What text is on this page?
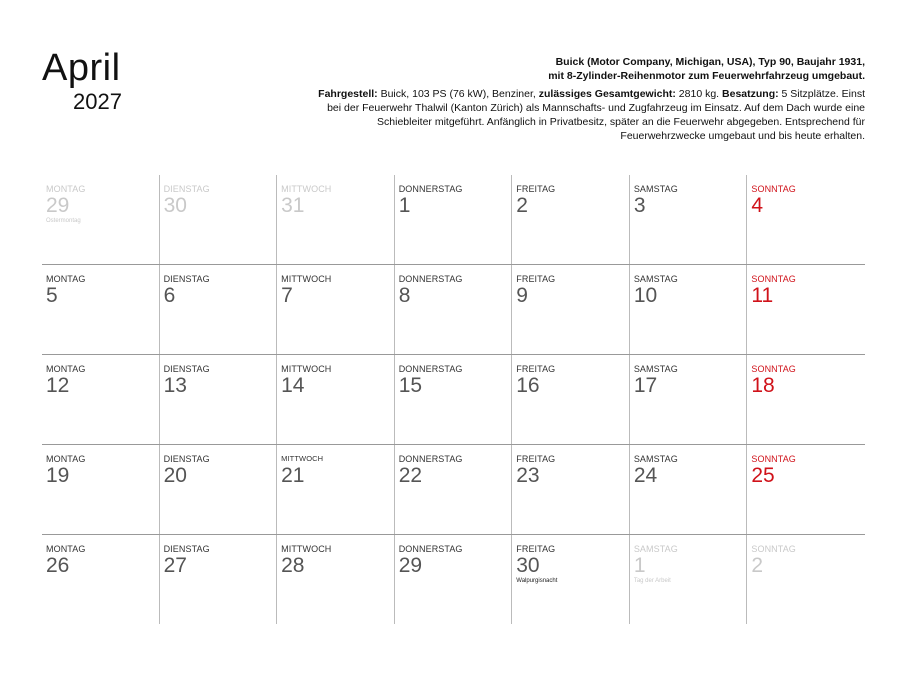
April
2027
Buick (Motor Company, Michigan, USA), Typ 90, Baujahr 1931,
mit 8-Zylinder-Reihenmotor zum Feuerwehrfahrzeug umgebaut.
Fahrgestell: Buick, 103 PS (76 kW), Benziner, zulässiges Gesamtgewicht: 2810 kg. Besatzung: 5 Sitzplätze. Einst bei der Feuerwehr Thalwil (Kanton Zürich) als Mannschafts- und Zugfahrzeug im Einsatz. Auf dem Dach wurde eine Schiebleiter mitgeführt. Anfänglich in Privatbesitz, später an die Feuerwehr abgegeben. Entsprechend für Feuerwehrzwecke umgebaut und bis heute erhalten.
MONTAG
29
Ostermontag
DIENSTAG
30
MITTWOCH
31
DONNERSTAG
1
FREITAG
2
SAMSTAG
3
SONNTAG
4
MONTAG
5
DIENSTAG
6
MITTWOCH
7
DONNERSTAG
8
FREITAG
9
SAMSTAG
10
SONNTAG
11
MONTAG
12
DIENSTAG
13
MITTWOCH
14
DONNERSTAG
15
FREITAG
16
SAMSTAG
17
SONNTAG
18
MONTAG
19
DIENSTAG
20
MITTWOCH
21
DONNERSTAG
22
FREITAG
23
SAMSTAG
24
SONNTAG
25
MONTAG
26
DIENSTAG
27
MITTWOCH
28
DONNERSTAG
29
FREITAG
30
Walpurgisnacht
SAMSTAG
1
Tag der Arbeit
SONNTAG
2
